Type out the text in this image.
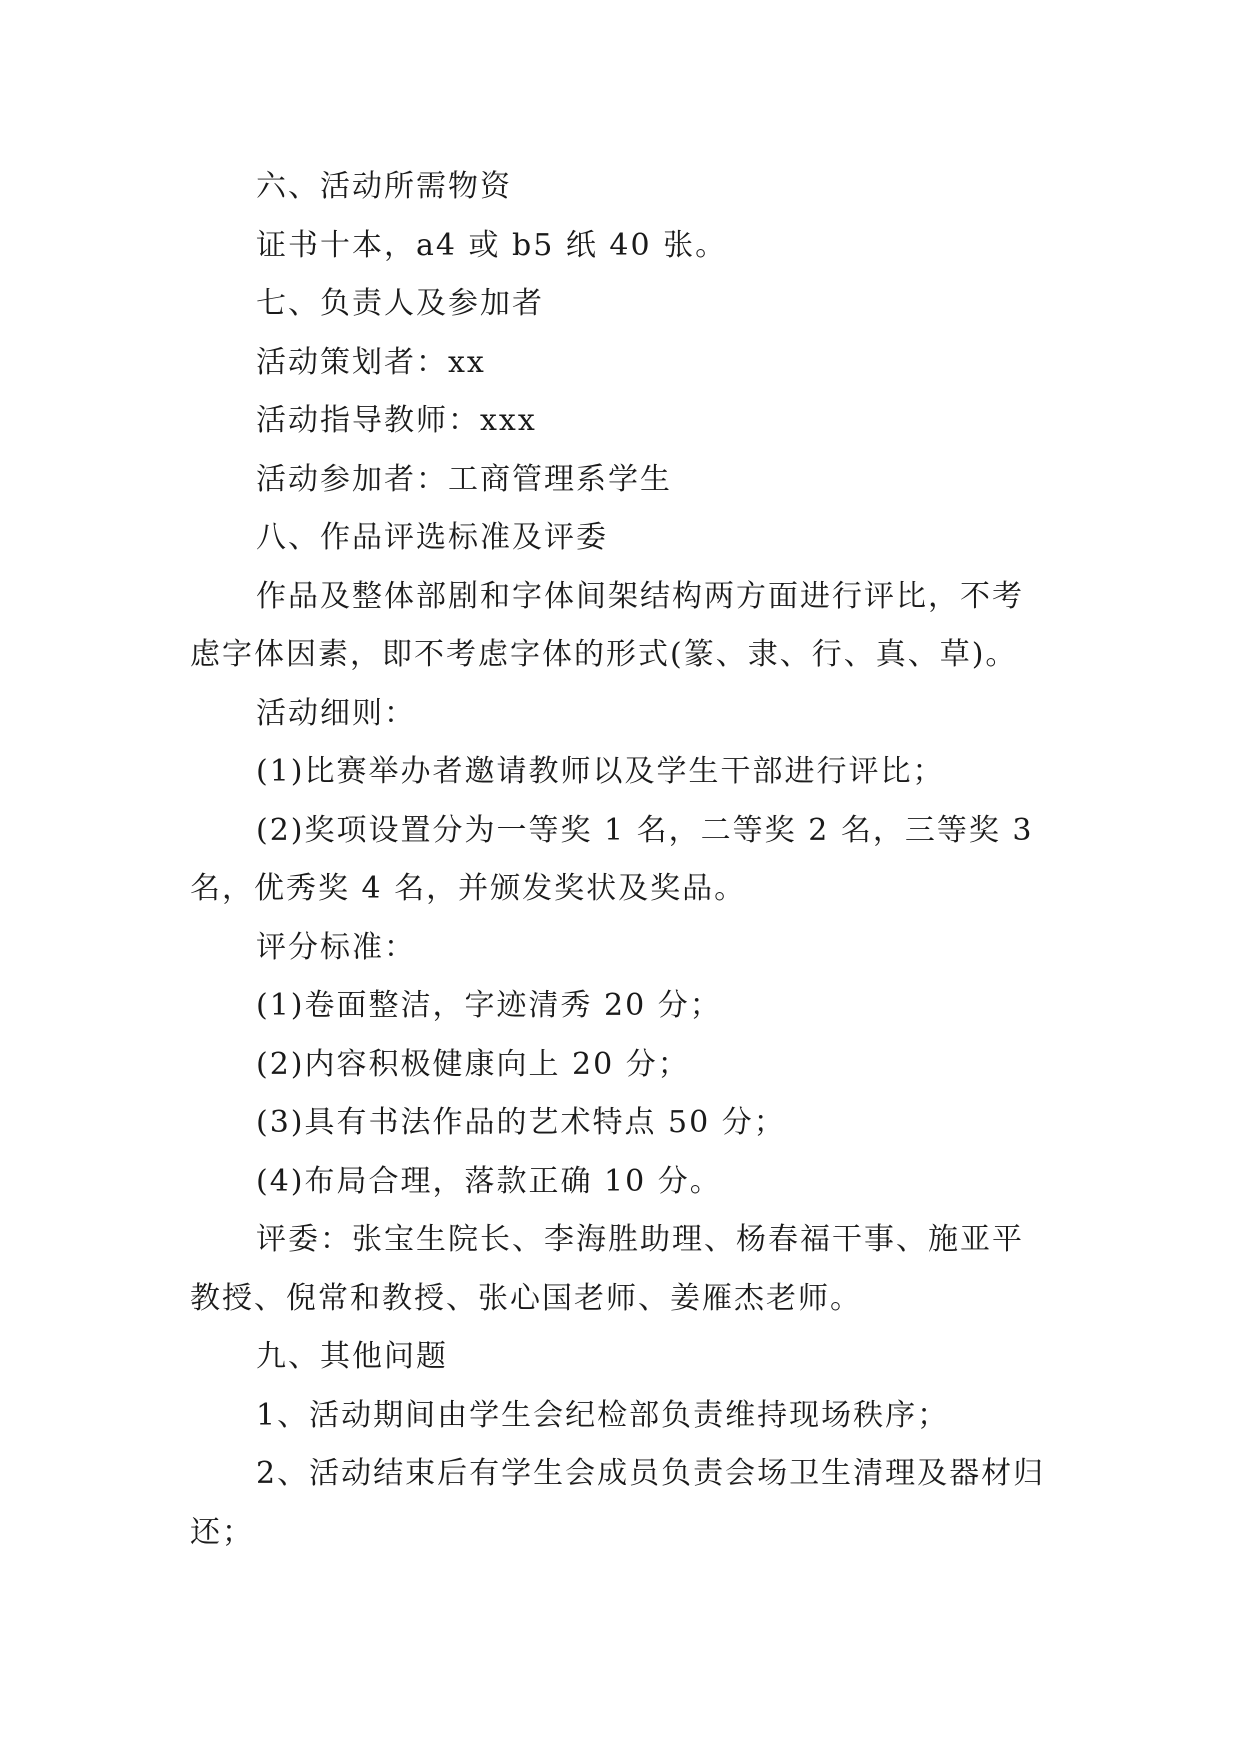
六、活动所需物资

证书十本，a4 或 b5 纸 40 张。

七、负责人及参加者

活动策划者：xx

活动指导教师：xxx

活动参加者：工商管理系学生

八、作品评选标准及评委

作品及整体部剧和字体间架结构两方面进行评比，不考虑字体因素，即不考虑字体的形式(篆、隶、行、真、草)。

活动细则：

(1)比赛举办者邀请教师以及学生干部进行评比；

(2)奖项设置分为一等奖 1 名，二等奖 2 名，三等奖 3 名，优秀奖 4 名，并颁发奖状及奖品。

评分标准：

(1)卷面整洁，字迹清秀 20 分；

(2)内容积极健康向上 20 分；

(3)具有书法作品的艺术特点 50 分；

(4)布局合理，落款正确 10 分。

评委：张宝生院长、李海胜助理、杨春福干事、施亚平教授、倪常和教授、张心国老师、姜雁杰老师。

九、其他问题

1、活动期间由学生会纪检部负责维持现场秩序；

2、活动结束后有学生会成员负责会场卫生清理及器材归还；
